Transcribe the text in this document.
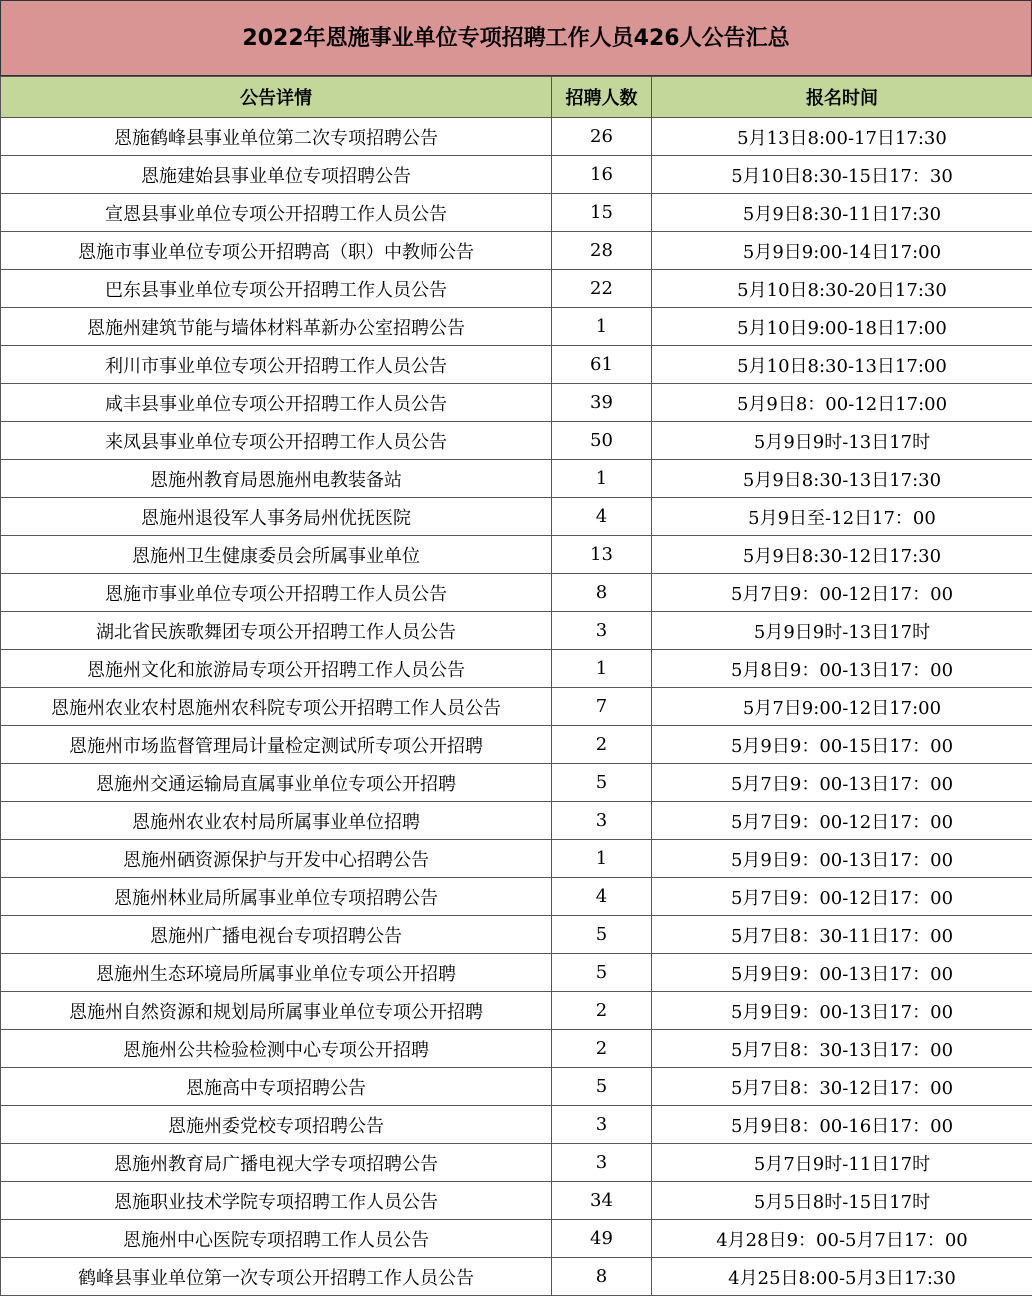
2022年恩施事业单位专项招聘工作人员426人公告汇总
公告详情	招聘人数	报名时间
恩施鹤峰县事业单位第二次专项招聘公告	26	5月13日8:00-17日17:30
恩施建始县事业单位专项招聘公告	16	5月10日8:30-15日17：30
宣恩县事业单位专项公开招聘工作人员公告	15	5月9日8:30-11日17:30
恩施市事业单位专项公开招聘高（职）中教师公告	28	5月9日9:00-14日17:00
巴东县事业单位专项公开招聘工作人员公告	22	5月10日8:30-20日17:30
恩施州建筑节能与墙体材料革新办公室招聘公告	1	5月10日9:00-18日17:00
利川市事业单位专项公开招聘工作人员公告	61	5月10日8:30-13日17:00
咸丰县事业单位专项公开招聘工作人员公告	39	5月9日8：00-12日17:00
来凤县事业单位专项公开招聘工作人员公告	50	5月9日9时-13日17时
恩施州教育局恩施州电教装备站	1	5月9日8:30-13日17:30
恩施州退役军人事务局州优抚医院	4	5月9日至-12日17：00
恩施州卫生健康委员会所属事业单位	13	5月9日8:30-12日17:30
恩施市事业单位专项公开招聘工作人员公告	8	5月7日9：00-12日17：00
湖北省民族歌舞团专项公开招聘工作人员公告	3	5月9日9时-13日17时
恩施州文化和旅游局专项公开招聘工作人员公告	1	5月8日9：00-13日17：00
恩施州农业农村恩施州农科院专项公开招聘工作人员公告	7	5月7日9:00-12日17:00
恩施州市场监督管理局计量检定测试所专项公开招聘	2	5月9日9：00-15日17：00
恩施州交通运输局直属事业单位专项公开招聘	5	5月7日9：00-13日17：00
恩施州农业农村局所属事业单位招聘	3	5月7日9：00-12日17：00
恩施州硒资源保护与开发中心招聘公告	1	5月9日9：00-13日17：00
恩施州林业局所属事业单位专项招聘公告	4	5月7日9：00-12日17：00
恩施州广播电视台专项招聘公告	5	5月7日8：30-11日17：00
恩施州生态环境局所属事业单位专项公开招聘	5	5月9日9：00-13日17：00
恩施州自然资源和规划局所属事业单位专项公开招聘	2	5月9日9：00-13日17：00
恩施州公共检验检测中心专项公开招聘	2	5月7日8：30-13日17：00
恩施高中专项招聘公告	5	5月7日8：30-12日17：00
恩施州委党校专项招聘公告	3	5月9日8：00-16日17：00
恩施州教育局广播电视大学专项招聘公告	3	5月7日9时-11日17时
恩施职业技术学院专项招聘工作人员公告	34	5月5日8时-15日17时
恩施州中心医院专项招聘工作人员公告	49	4月28日9：00-5月7日17：00
鹤峰县事业单位第一次专项公开招聘工作人员公告	8	4月25日8:00-5月3日17:30
